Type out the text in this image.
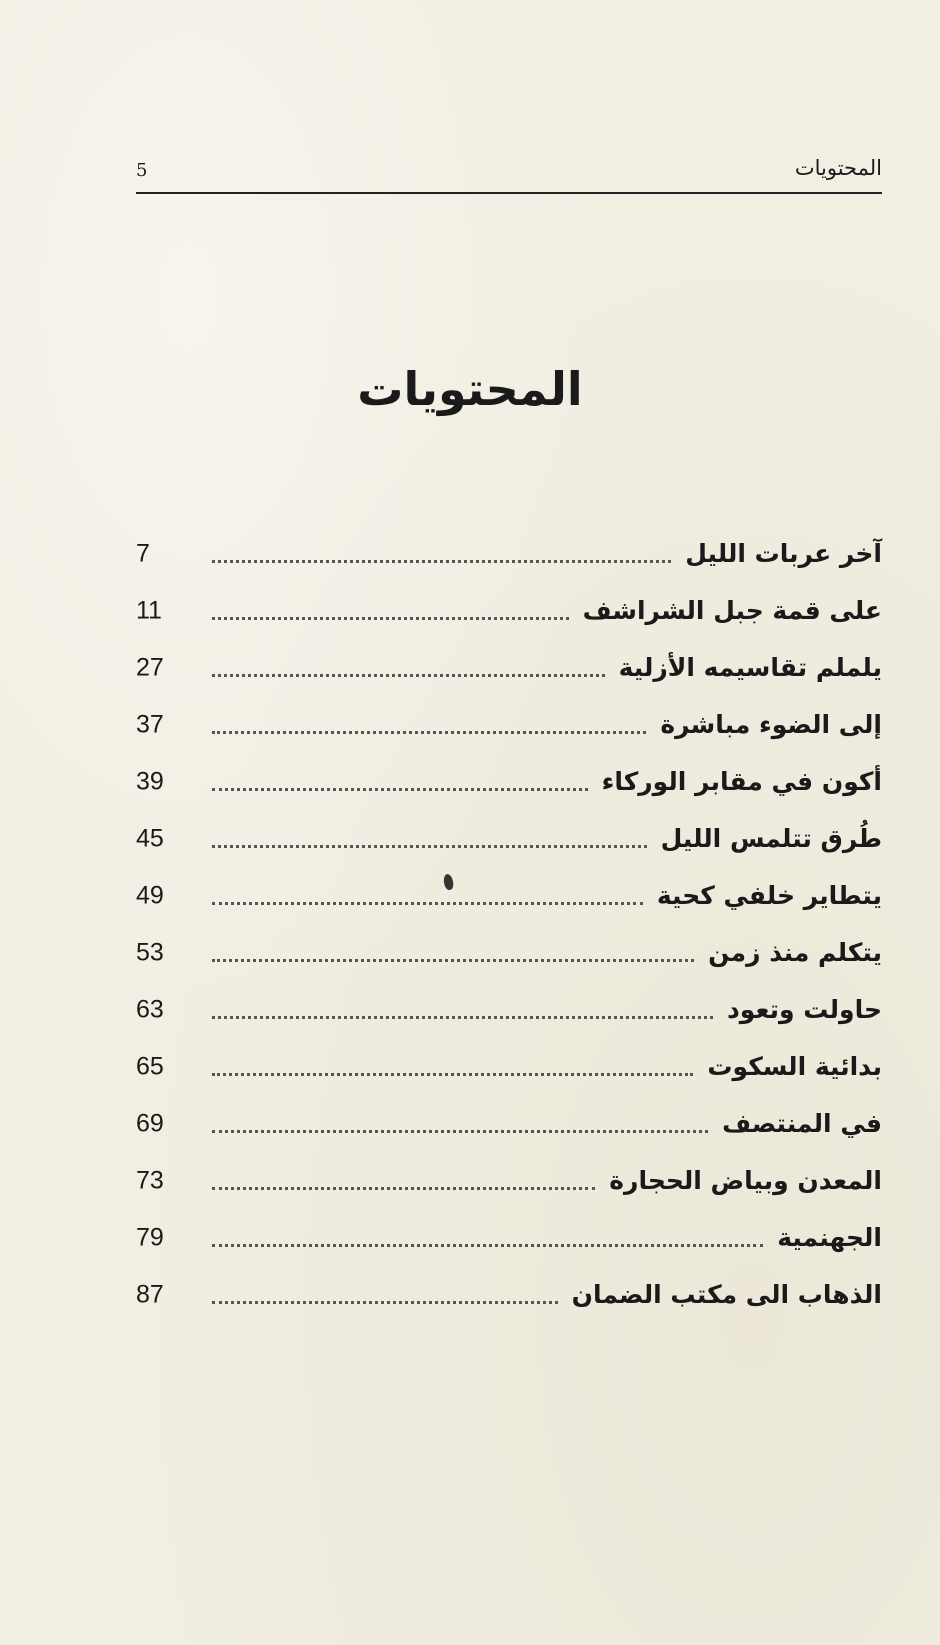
5	المحتويات
المحتويات
آخر عربات الليل
7
على قمة جبل الشراشف
11
يلملم تقاسيمه الأزلية
27
إلى الضوء مباشرة
37
أكون في مقابر الوركاء
39
طُرق تتلمس الليل
45
يتطاير خلفي كحية
49
يتكلم منذ زمن
53
حاولت وتعود
63
بدائية السكوت
65
في المنتصف
69
المعدن وبياض الحجارة
73
الجهنمية
79
الذهاب الى مكتب الضمان
87
